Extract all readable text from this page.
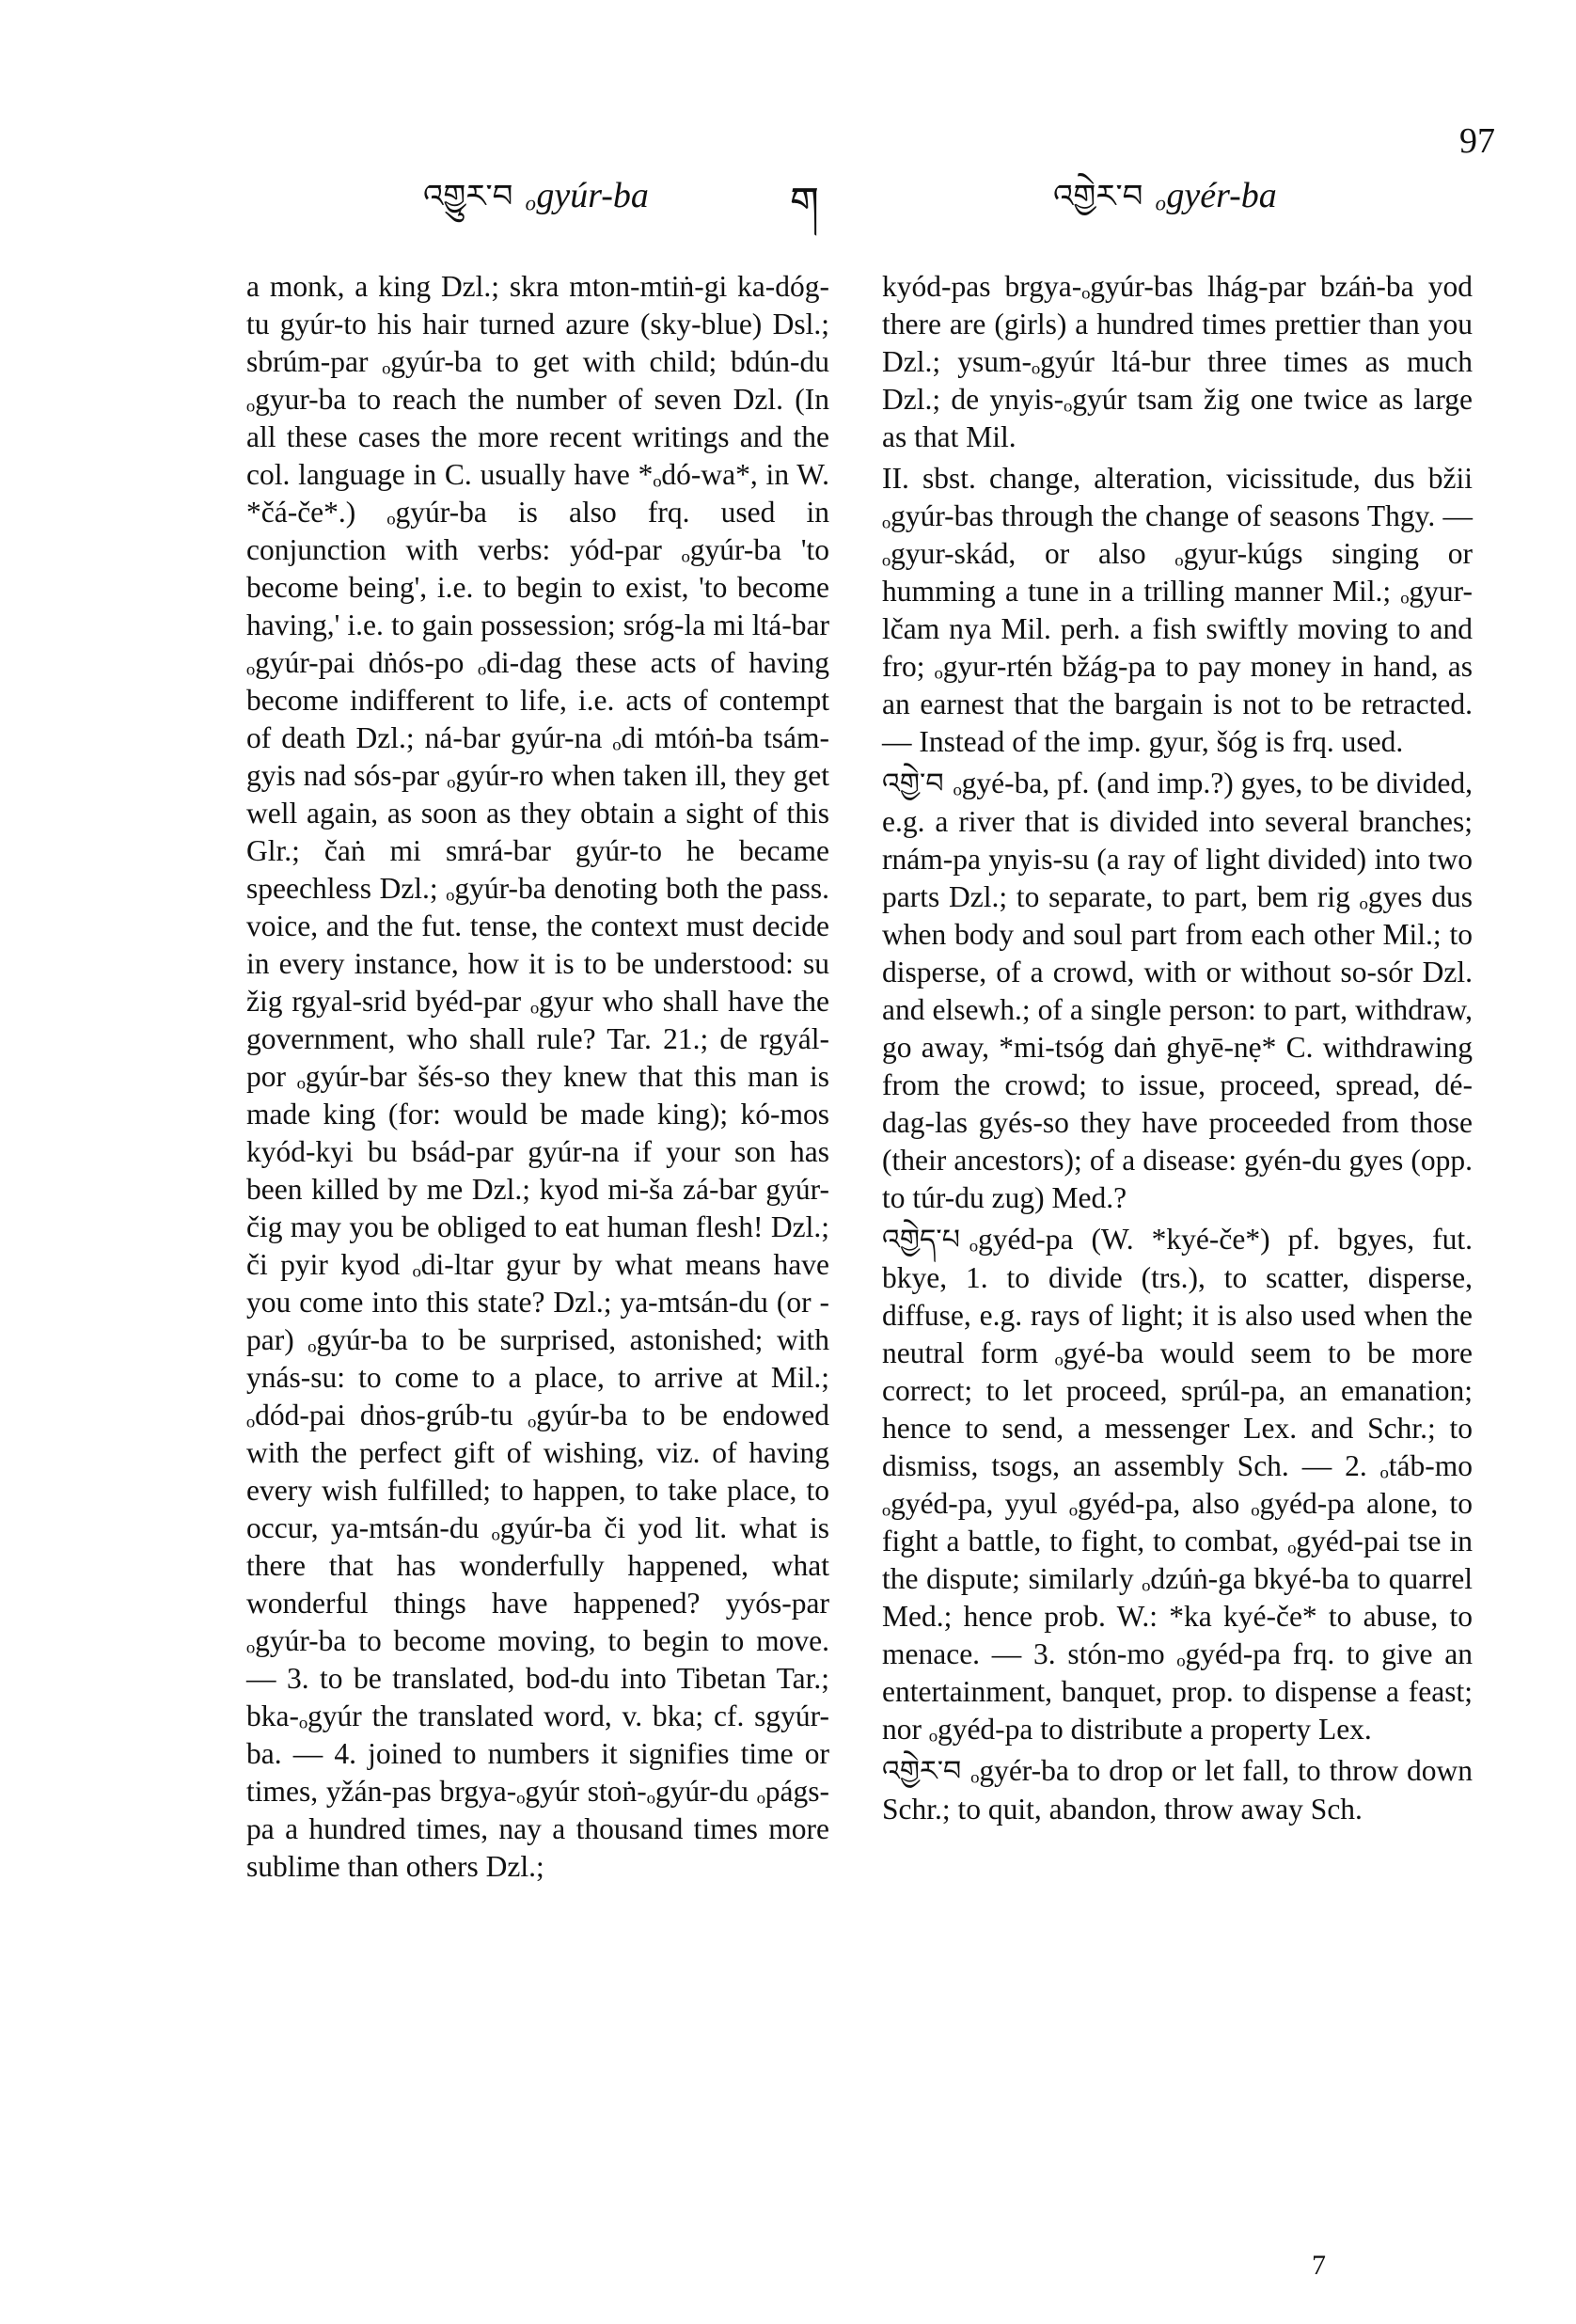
འགྱུར་བ ₒgyúr-ba	ག	འགྱེར་བ ₒgyér-ba
97

a monk, a king Dzl.; skra mton-mtiṅ-gi ka-dóg-tu gyúr-to his hair turned azure (sky-blue) Dsl.; sbrúm-par ₒgyúr-ba to get with child; bdún-du ₒgyur-ba to reach the number of seven Dzl. (In all these cases the more recent writings and the col. language in C. usually have *ₒdó-wa*, in W. *čá-če*.) ₒgyúr-ba is also frq. used in conjunction with verbs: yód-par ₒgyúr-ba 'to become being', i.e. to begin to exist, 'to become having,' i.e. to gain possession; sróg-la mi ltá-bar ₒgyúr-pai dṅós-po ₒdi-dag these acts of having become indifferent to life, i.e. acts of contempt of death Dzl.; ná-bar gyúr-na ₒdi mtóṅ-ba tsám-gyis nad sós-par ₒgyúr-ro when taken ill, they get well again, as soon as they obtain a sight of this Glr.; čaṅ mi smrá-bar gyúr-to he became speechless Dzl.; ₒgyúr-ba denoting both the pass. voice, and the fut. tense, the context must decide in every instance, how it is to be understood: su žig rgyal-srid byéd-par ₒgyur who shall have the government, who shall rule? Tar. 21.; de rgyál-por ₒgyúr-bar šés-so they knew that this man is made king (for: would be made king); kó-mos kyód-kyi bu bsád-par gyúr-na if your son has been killed by me Dzl.; kyod mi-ša zá-bar gyúr-čig may you be obliged to eat human flesh! Dzl.; či pyir kyod ₒdi-ltar gyur by what means have you come into this state? Dzl.; ya-mtsán-du (or -par) ₒgyúr-ba to be surprised, astonished; with ynás-su: to come to a place, to arrive at Mil.; ₒdód-pai dṅos-grúb-tu ₒgyúr-ba to be endowed with the perfect gift of wishing, viz. of having every wish fulfilled; to happen, to take place, to occur, ya-mtsán-du ₒgyúr-ba či yod lit. what is there that has wonderfully happened, what wonderful things have happened? yyós-par ₒgyúr-ba to become moving, to begin to move. — 3. to be translated, bod-du into Tibetan Tar.; bka-ₒgyúr the translated word, v. bka; cf. sgyúr-ba. — 4. joined to numbers it signifies time or times, yžán-pas brgya-ₒgyúr stoṅ-ₒgyúr-du ₒpágs-pa a hundred times, nay a thousand times more sublime than others Dzl.;

kyód-pas brgya-ₒgyúr-bas lhág-par bzáṅ-ba yod there are (girls) a hundred times prettier than you Dzl.; ysum-ₒgyúr ltá-bur three times as much Dzl.; de ynyis-ₒgyúr tsam žig one twice as large as that Mil.

II. sbst. change, alteration, vicissitude, dus bžii ₒgyúr-bas through the change of seasons Thgy. — ₒgyur-skád, or also ₒgyur-kúgs singing or humming a tune in a trilling manner Mil.; ₒgyur-lčam nya Mil. perh. a fish swiftly moving to and fro; ₒgyur-rtén bžág-pa to pay money in hand, as an earnest that the bargain is not to be retracted. — Instead of the imp. gyur, šóg is frq. used.

འགྱེ་བ ₒgyé-ba, pf. (and imp.?) gyes, to be divided, e.g. a river that is divided into several branches; rnám-pa ynyis-su (a ray of light divided) into two parts Dzl.; to separate, to part, bem rig ₒgyes dus when body and soul part from each other Mil.; to disperse, of a crowd, with or without so-sór Dzl. and elsewh.; of a single person: to part, withdraw, go away, *mi-tsóg daṅ ghyē-nẹ* C. withdrawing from the crowd; to issue, proceed, spread, dé-dag-las gyés-so they have proceeded from those (their ancestors); of a disease: gyén-du gyes (opp. to túr-du zug) Med.?

འགྱེད་པ ₒgyéd-pa (W. *kyé-če*) pf. bgyes, fut. bkye, 1. to divide (trs.), to scatter, disperse, diffuse, e.g. rays of light; it is also used when the neutral form ₒgyé-ba would seem to be more correct; to let proceed, sprúl-pa, an emanation; hence to send, a messenger Lex. and Schr.; to dismiss, tsogs, an assembly Sch. — 2. ₒtáb-mo ₒgyéd-pa, yyul ₒgyéd-pa, also ₒgyéd-pa alone, to fight a battle, to fight, to combat, ₒgyéd-pai tse in the dispute; similarly ₒdzúṅ-ga bkyé-ba to quarrel Med.; hence prob. W.: *ka kyé-če* to abuse, to menace. — 3. stón-mo ₒgyéd-pa frq. to give an entertainment, banquet, prop. to dispense a feast; nor ₒgyéd-pa to distribute a property Lex.

འགྱེར་བ ₒgyér-ba to drop or let fall, to throw down Schr.; to quit, abandon, throw away Sch.

7
